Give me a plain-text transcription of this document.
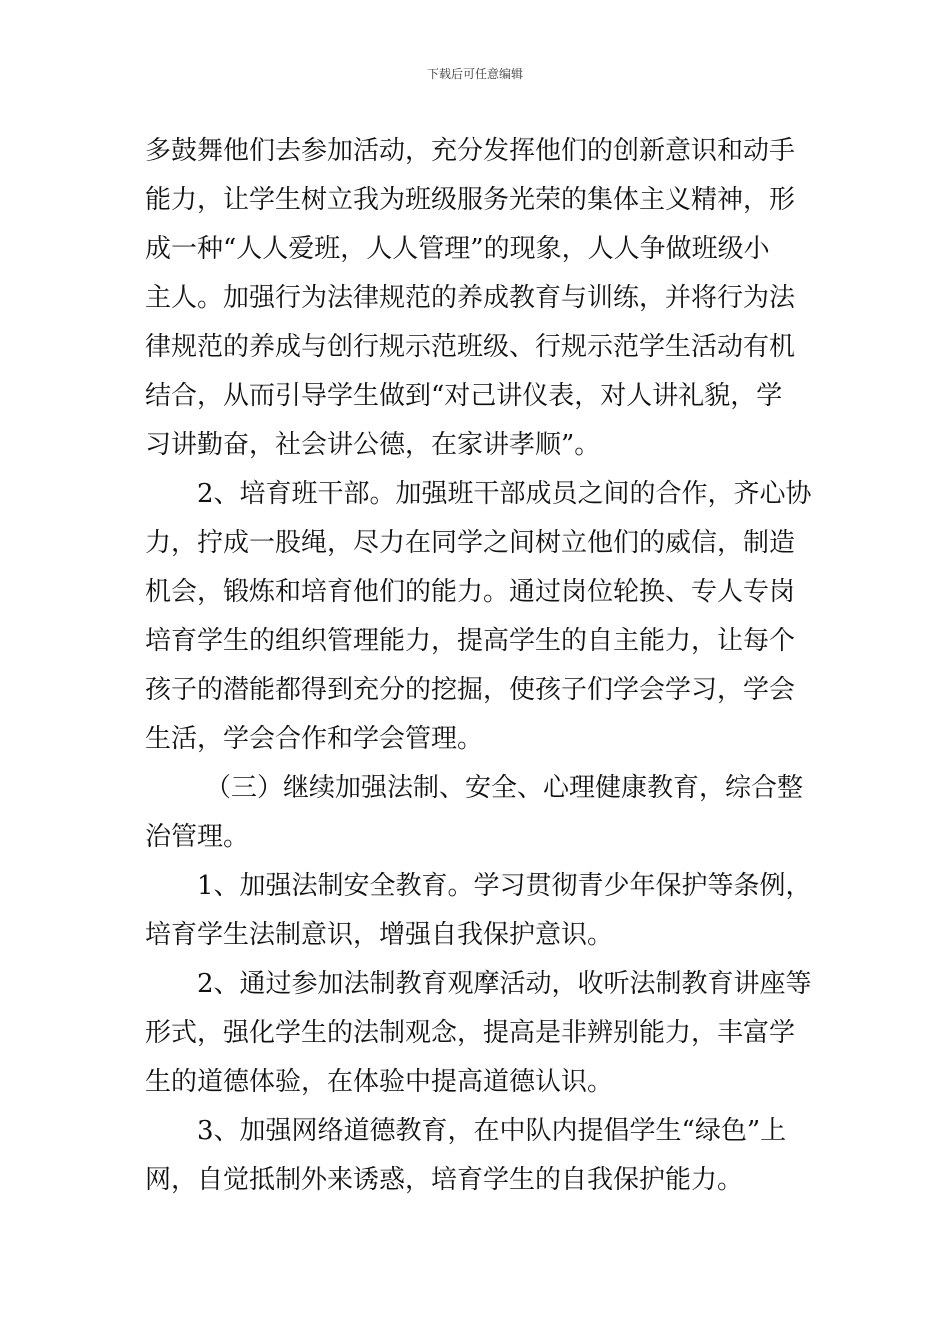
下载后可任意编辑
多鼓舞他们去参加活动，充分发挥他们的创新意识和动手
能力，让学生树立我为班级服务光荣的集体主义精神，形
成一种“人人爱班，人人管理”的现象，人人争做班级小
主人。加强行为法律规范的养成教育与训练，并将行为法
律规范的养成与创行规示范班级、行规示范学生活动有机
结合，从而引导学生做到“对己讲仪表，对人讲礼貌，学
习讲勤奋，社会讲公德，在家讲孝顺”。
2、培育班干部。加强班干部成员之间的合作，齐心协
力，拧成一股绳，尽力在同学之间树立他们的威信，制造
机会，锻炼和培育他们的能力。通过岗位轮换、专人专岗
培育学生的组织管理能力，提高学生的自主能力，让每个
孩子的潜能都得到充分的挖掘，使孩子们学会学习，学会
生活，学会合作和学会管理。
（三）继续加强法制、安全、心理健康教育，综合整
治管理。
1、加强法制安全教育。学习贯彻青少年保护等条例，
培育学生法制意识，增强自我保护意识。
2、通过参加法制教育观摩活动，收听法制教育讲座等
形式，强化学生的法制观念，提高是非辨别能力，丰富学
生的道德体验，在体验中提高道德认识。
3、加强网络道德教育，在中队内提倡学生“绿色”上
网，自觉抵制外来诱惑，培育学生的自我保护能力。
